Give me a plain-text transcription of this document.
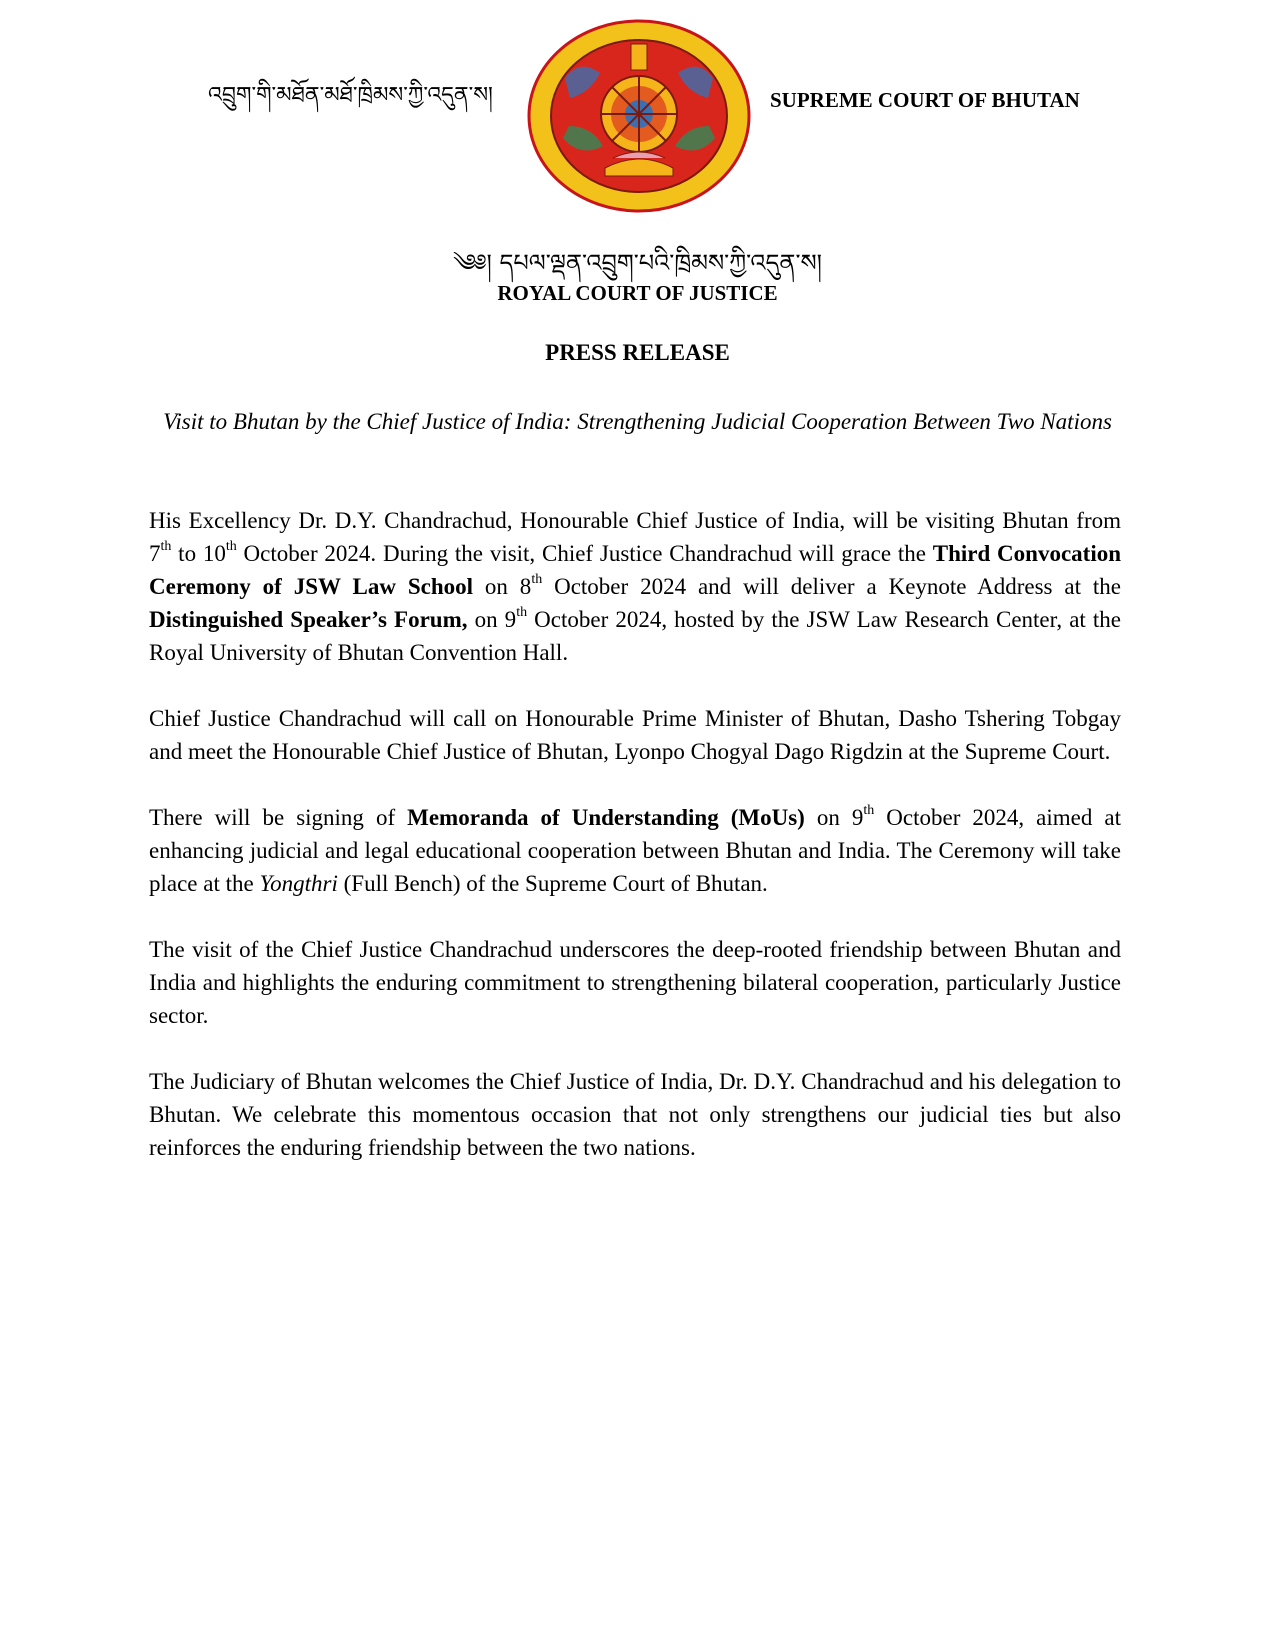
འབྲུག་གི་མཐོན་མཐོ་ཁྲིམས་ཀྱི་འདུན་ས།	SUPREME COURT OF BHUTAN
༄༅། དཔལ་ལྡན་འབྲུག་པའི་ཁྲིམས་ཀྱི་འདུན་ས།
ROYAL COURT OF JUSTICE
PRESS RELEASE
Visit to Bhutan by the Chief Justice of India: Strengthening Judicial Cooperation Between Two Nations

His Excellency Dr. D.Y. Chandrachud, Honourable Chief Justice of India, will be visiting Bhutan from 7th to 10th October 2024. During the visit, Chief Justice Chandrachud will grace the Third Convocation Ceremony of JSW Law School on 8th October 2024 and will deliver a Keynote Address at the Distinguished Speaker’s Forum, on 9th October 2024, hosted by the JSW Law Research Center, at the Royal University of Bhutan Convention Hall.

Chief Justice Chandrachud will call on Honourable Prime Minister of Bhutan, Dasho Tshering Tobgay and meet the Honourable Chief Justice of Bhutan, Lyonpo Chogyal Dago Rigdzin at the Supreme Court.

There will be signing of Memoranda of Understanding (MoUs) on 9th October 2024, aimed at enhancing judicial and legal educational cooperation between Bhutan and India. The Ceremony will take place at the Yongthri (Full Bench) of the Supreme Court of Bhutan.

The visit of the Chief Justice Chandrachud underscores the deep-rooted friendship between Bhutan and India and highlights the enduring commitment to strengthening bilateral cooperation, particularly Justice sector.

The Judiciary of Bhutan welcomes the Chief Justice of India, Dr. D.Y. Chandrachud and his delegation to Bhutan. We celebrate this momentous occasion that not only strengthens our judicial ties but also reinforces the enduring friendship between the two nations.
